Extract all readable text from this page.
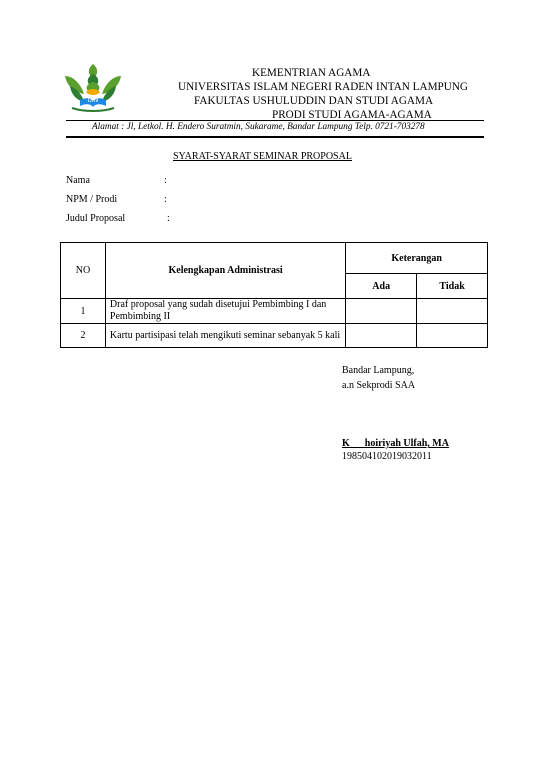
UIN
KEMENTRIAN AGAMA
UNIVERSITAS ISLAM NEGERI RADEN INTAN LAMPUNG
FAKULTAS USHULUDDIN DAN STUDI AGAMA
PRODI STUDI AGAMA-AGAMA
Alamat : Jl, Letkol. H. Endero Suratmin, Sukarame, Bandar Lampung Telp. 0721-703278
SYARAT-SYARAT SEMINAR PROPOSAL
Nama	:
NPM / Prodi	:
Judul Proposal	:
NO	Kelengkapan Administrasi	Keterangan	
		Ada	Tidak
1	Draf proposal yang sudah disetujui Pembimbing I dan Pembimbing II		
2	Kartu partisipasi telah mengikuti seminar sebanyak 5 kali		
Bandar Lampung,
a.n Sekprodi SAA
K      hoiriyah Ulfah, MA
198504102019032011
